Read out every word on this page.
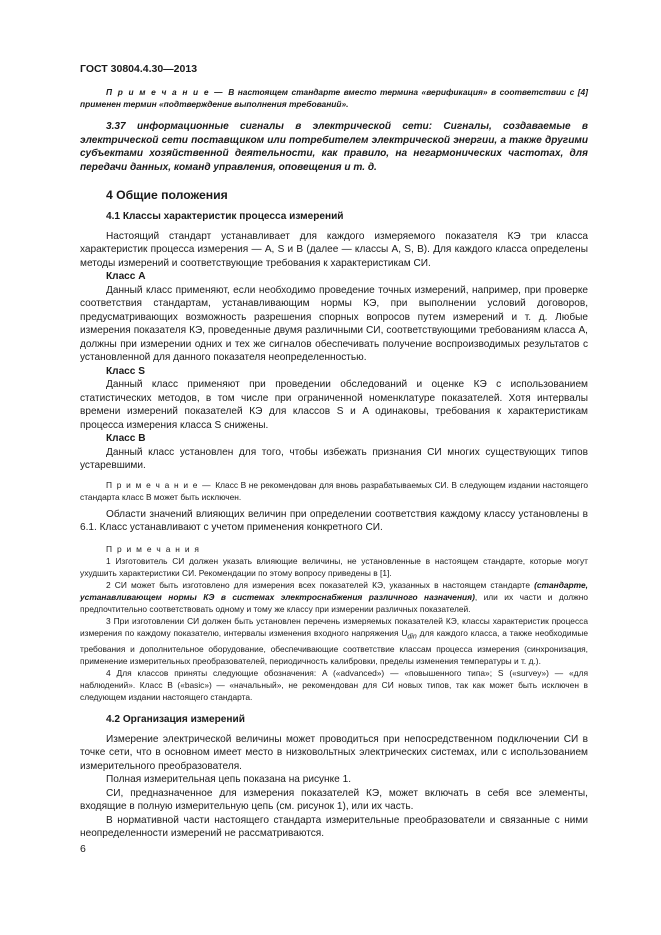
ГОСТ 30804.4.30—2013

П р и м е ч а н и е — В настоящем стандарте вместо термина «верификация» в соответствии с [4] применен термин «подтверждение выполнения требований».

3.37 информационные сигналы в электрической сети: Сигналы, создаваемые в электрической сети поставщиком или потребителем электрической энергии, а также другими субъектами хозяйственной деятельности, как правило, на негармонических частотах, для передачи данных, команд управления, оповещения и т. д.

4 Общие положения

4.1 Классы характеристик процесса измерений

Настоящий стандарт устанавливает для каждого измеряемого показателя КЭ три класса характеристик процесса измерения — A, S и B (далее — классы A, S, B). Для каждого класса определены методы измерений и соответствующие требования к характеристикам СИ.

Класс A

Данный класс применяют, если необходимо проведение точных измерений, например, при проверке соответствия стандартам, устанавливающим нормы КЭ, при выполнении условий договоров, предусматривающих возможность разрешения спорных вопросов путем измерений и т. д. Любые измерения показателя КЭ, проведенные двумя различными СИ, соответствующими требованиям класса A, должны при измерении одних и тех же сигналов обеспечивать получение воспроизводимых результатов с установленной для данного показателя неопределенностью.

Класс S

Данный класс применяют при проведении обследований и оценке КЭ с использованием статистических методов, в том числе при ограниченной номенклатуре показателей. Хотя интервалы времени измерений показателей КЭ для классов S и A одинаковы, требования к характеристикам процесса измерения класса S снижены.

Класс B

Данный класс установлен для того, чтобы избежать признания СИ многих существующих типов устаревшими.

П р и м е ч а н и е — Класс B не рекомендован для вновь разрабатываемых СИ. В следующем издании настоящего стандарта класс B может быть исключен.

Области значений влияющих величин при определении соответствия каждому классу установлены в 6.1. Класс устанавливают с учетом применения конкретного СИ.

П р и м е ч а н и я

1 Изготовитель СИ должен указать влияющие величины, не установленные в настоящем стандарте, которые могут ухудшить характеристики СИ. Рекомендации по этому вопросу приведены в [1].

2 СИ может быть изготовлено для измерения всех показателей КЭ, указанных в настоящем стандарте (стандарте, устанавливающем нормы КЭ в системах электроснабжения различного назначения), или их части и должно предпочтительно соответствовать одному и тому же классу при измерении различных показателей.

3 При изготовлении СИ должен быть установлен перечень измеряемых показателей КЭ, классы характеристик процесса измерения по каждому показателю, интервалы изменения входного напряжения $U_{din}$ для каждого класса, а также необходимые требования и дополнительное оборудование, обеспечивающие соответствие классам процесса измерения (синхронизация, применение измерительных преобразователей, периодичность калибровки, пределы изменения температуры и т. д.).

4 Для классов приняты следующие обозначения: A («advanced») — «повышенного типа»; S («survey») — «для наблюдений». Класс B («basic») — «начальный», не рекомендован для СИ новых типов, так как может быть исключен в следующем издании настоящего стандарта.

4.2 Организация измерений

Измерение электрической величины может проводиться при непосредственном подключении СИ в точке сети, что в основном имеет место в низковольтных электрических системах, или с использованием измерительного преобразователя.

Полная измерительная цепь показана на рисунке 1.

СИ, предназначенное для измерения показателей КЭ, может включать в себя все элементы, входящие в полную измерительную цепь (см. рисунок 1), или их часть.

В нормативной части настоящего стандарта измерительные преобразователи и связанные с ними неопределенности измерений не рассматриваются.

6
